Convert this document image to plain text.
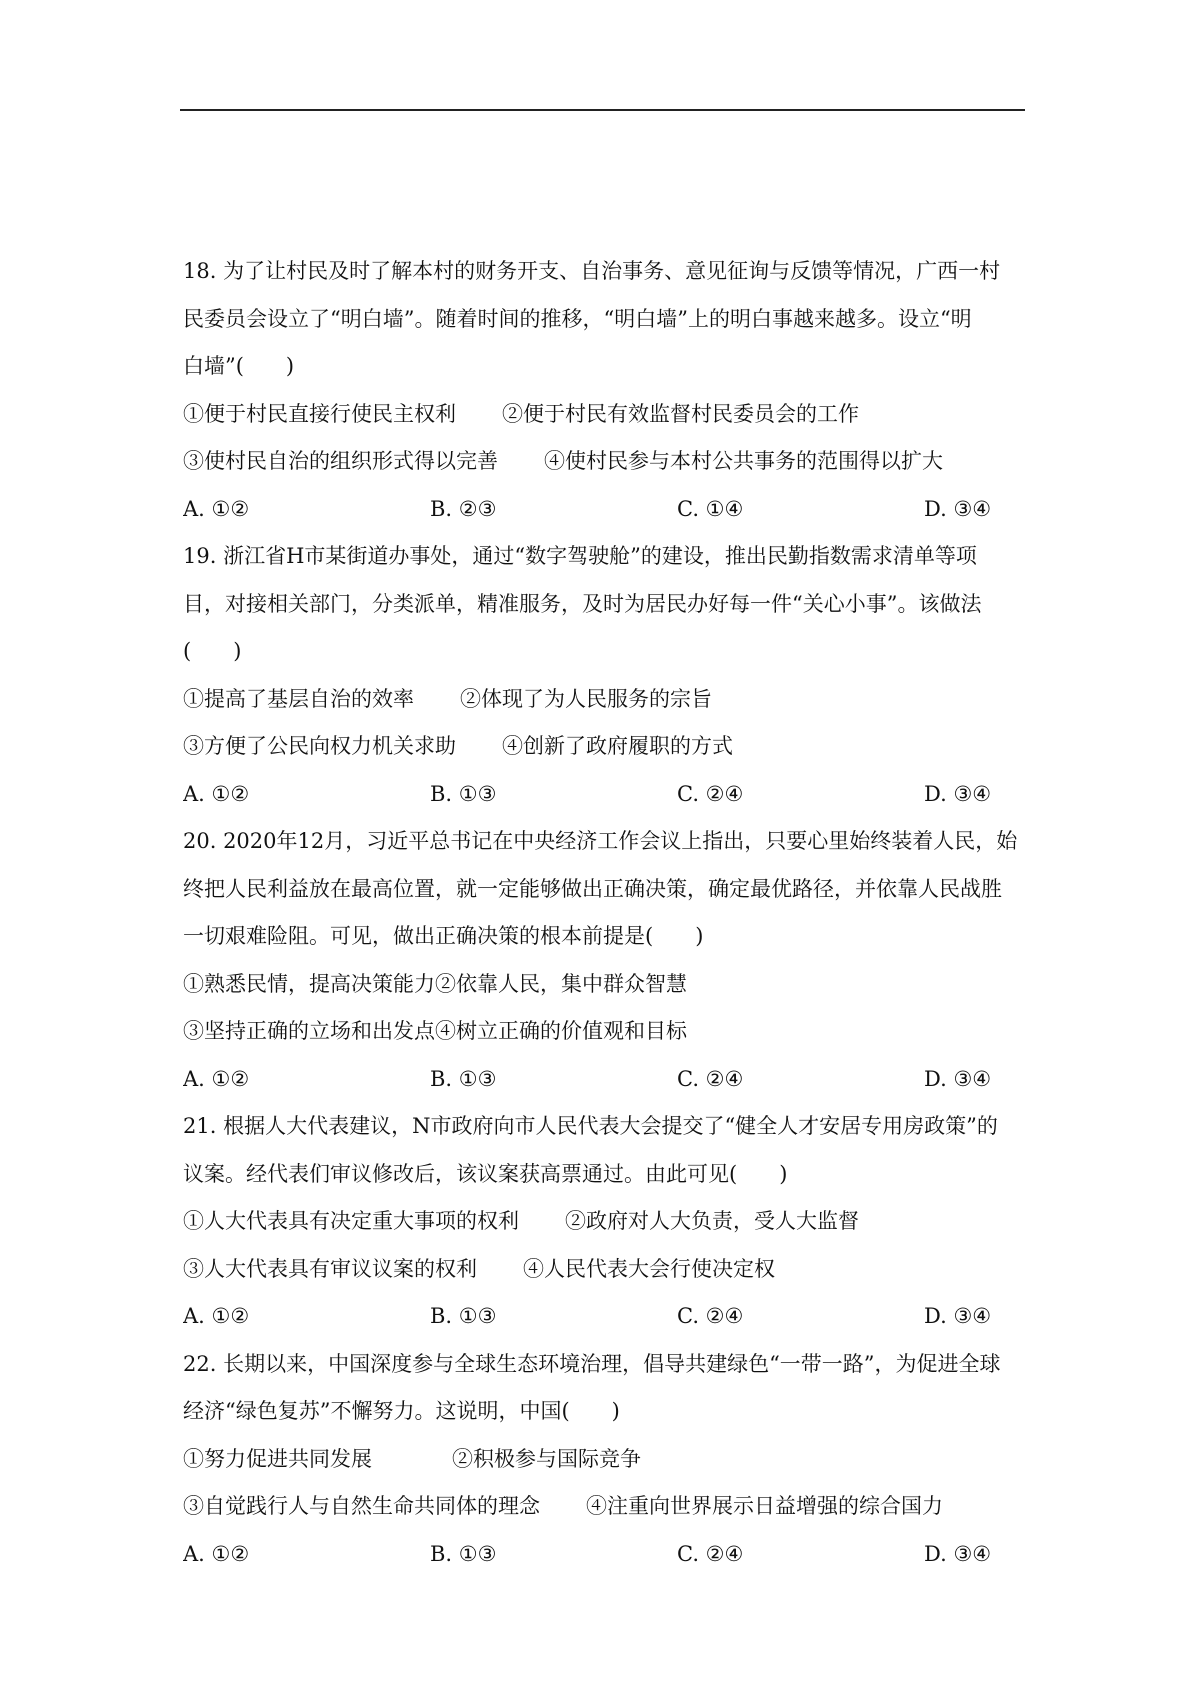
18. 为了让村民及时了解本村的财务开支、自治事务、意见征询与反馈等情况，广西一村
民委员会设立了“明白墙”。随着时间的推移，“明白墙”上的明白事越来越多。设立“明
白墙”(　　)
①便于村民直接行使民主权利 ②便于村民有效监督村民委员会的工作
③使村民自治的组织形式得以完善 ④使村民参与本村公共事务的范围得以扩大
A. ①②	B. ②③	C. ①④	D. ③④
19. 浙江省H市某街道办事处，通过“数字驾驶舱”的建设，推出民勤指数需求清单等项
目，对接相关部门，分类派单，精准服务，及时为居民办好每一件“关心小事”。该做法
(　　)
①提高了基层自治的效率 ②体现了为人民服务的宗旨
③方便了公民向权力机关求助 ④创新了政府履职的方式
A. ①②	B. ①③	C. ②④	D. ③④
20. 2020年12月，习近平总书记在中央经济工作会议上指出，只要心里始终装着人民，始
终把人民利益放在最高位置，就一定能够做出正确决策，确定最优路径，并依靠人民战胜
一切艰难险阻。可见，做出正确决策的根本前提是(　　)
①熟悉民情，提高决策能力②依靠人民，集中群众智慧
③坚持正确的立场和出发点④树立正确的价值观和目标
A. ①②	B. ①③	C. ②④	D. ③④
21. 根据人大代表建议，N市政府向市人民代表大会提交了“健全人才安居专用房政策”的
议案。经代表们审议修改后，该议案获高票通过。由此可见(　　)
①人大代表具有决定重大事项的权利 ②政府对人大负责，受人大监督
③人大代表具有审议议案的权利 ④人民代表大会行使决定权
A. ①②	B. ①③	C. ②④	D. ③④
22. 长期以来，中国深度参与全球生态环境治理，倡导共建绿色“一带一路”，为促进全球
经济“绿色复苏”不懈努力。这说明，中国(　　)
①努力促进共同发展	②积极参与国际竞争
③自觉践行人与自然生命共同体的理念 ④注重向世界展示日益增强的综合国力
A. ①②	B. ①③	C. ②④	D. ③④
